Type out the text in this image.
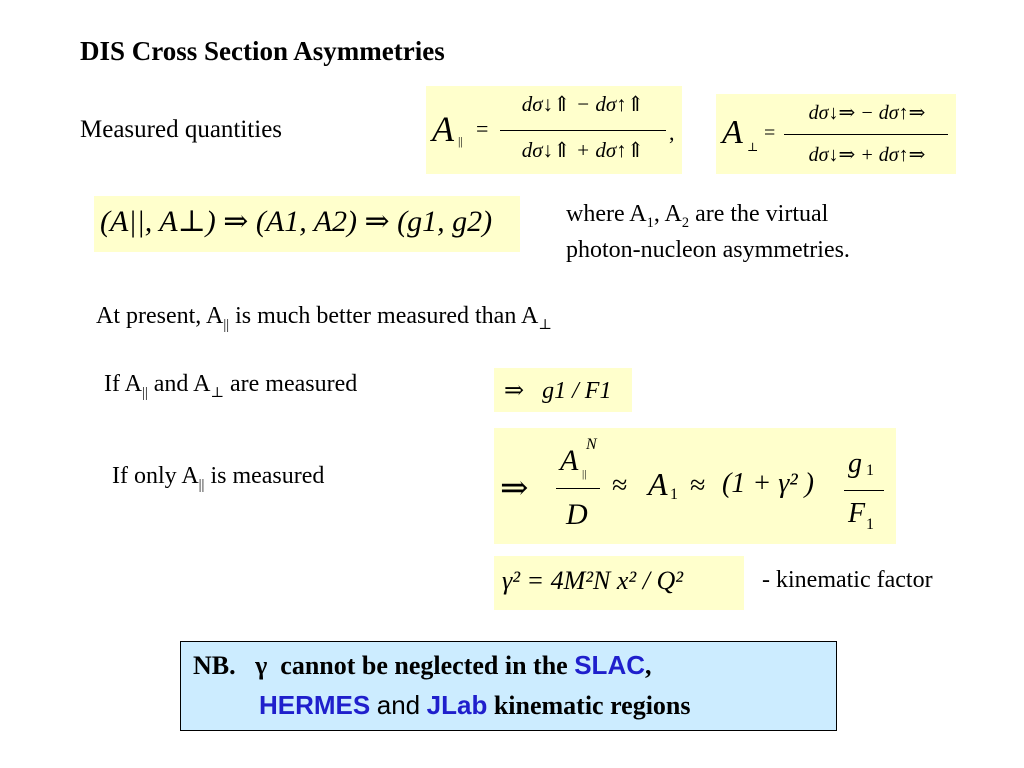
DIS Cross Section Asymmetries
Measured quantities	A || =
dσ↓⇑ − dσ↑⇑
dσ↓⇑ + dσ↑⇑
, A ⊥
=
dσ↓⇒ − dσ↑⇒
dσ↓⇒ + dσ↑⇒
(A||, A⊥) ⇒ (A1, A2) ⇒ (g1, g2)	where $A_1$, $A_2$ are the virtual
photon-nucleon asymmetries.
At present, $A_{||}$ is much better measured than $A_\perp$
If $A_{||}$ and $A_\perp$ are measured	⇒   g1 / F1
If only $A_{||}$ is measured	⇒
A N
||
D
≈ A 1 ≈ (1 + γ² )
g 1
F 1
γ² = 4M²N x² / Q²	- kinematic factor
NB. γ cannot be neglected in the SLAC,
HERMES and JLab kinematic regions
